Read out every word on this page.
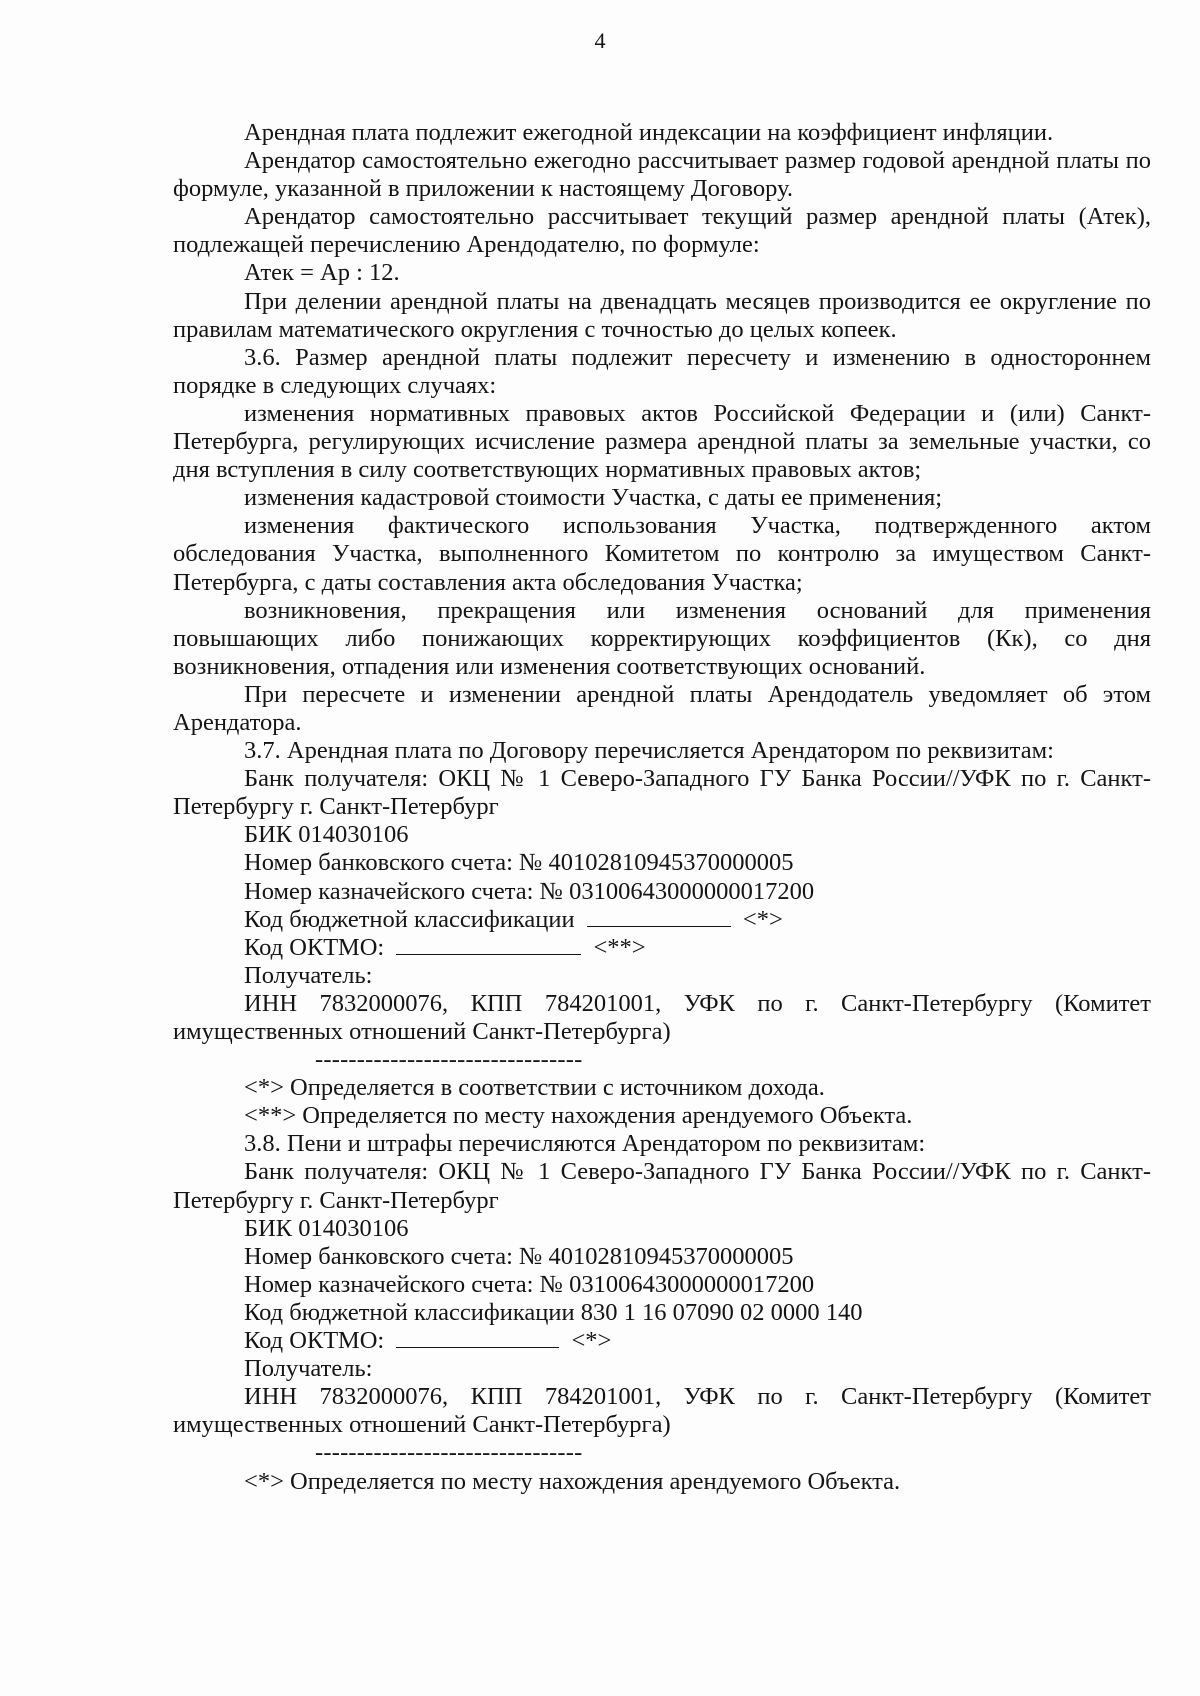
4

Арендная плата подлежит ежегодной индексации на коэффициент инфляции.

Арендатор самостоятельно ежегодно рассчитывает размер годовой арендной платы по формуле, указанной в приложении к настоящему Договору.

Арендатор самостоятельно рассчитывает текущий размер арендной платы (Атек), подлежащей перечислению Арендодателю, по формуле:

Атек = Ар : 12.

При делении арендной платы на двенадцать месяцев производится ее округление по правилам математического округления с точностью до целых копеек.

3.6. Размер арендной платы подлежит пересчету и изменению в одностороннем порядке в следующих случаях:

изменения нормативных правовых актов Российской Федерации и (или) Санкт-Петербурга, регулирующих исчисление размера арендной платы за земельные участки, со дня вступления в силу соответствующих нормативных правовых актов;

изменения кадастровой стоимости Участка, с даты ее применения;

изменения фактического использования Участка, подтвержденного актом обследования Участка, выполненного Комитетом по контролю за имуществом Санкт-Петербурга, с даты составления акта обследования Участка;

возникновения, прекращения или изменения оснований для применения повышающих либо понижающих корректирующих коэффициентов (Кк), со дня возникновения, отпадения или изменения соответствующих оснований.

При пересчете и изменении арендной платы Арендодатель уведомляет об этом Арендатора.

3.7. Арендная плата по Договору перечисляется Арендатором по реквизитам:

Банк получателя: ОКЦ № 1 Северо-Западного ГУ Банка России//УФК по г. Санкт-Петербургу г. Санкт-Петербург

БИК 014030106

Номер банковского счета: № 40102810945370000005

Номер казначейского счета: № 03100643000000017200

Код бюджетной классификации	<*>

Код ОКТМО:	<**>

Получатель:

ИНН 7832000076, КПП 784201001, УФК по г. Санкт-Петербургу (Комитет имущественных отношений Санкт-Петербурга)

--------------------------------

<*> Определяется в соответствии с источником дохода.

<**> Определяется по месту нахождения арендуемого Объекта.

3.8. Пени и штрафы перечисляются Арендатором по реквизитам:

Банк получателя: ОКЦ № 1 Северо-Западного ГУ Банка России//УФК по г. Санкт-Петербургу г. Санкт-Петербург

БИК 014030106

Номер банковского счета: № 40102810945370000005

Номер казначейского счета: № 03100643000000017200

Код бюджетной классификации 830 1 16 07090 02 0000 140

Код ОКТМО:	<*>

Получатель:

ИНН 7832000076, КПП 784201001, УФК по г. Санкт-Петербургу (Комитет имущественных отношений Санкт-Петербурга)

--------------------------------

<*> Определяется по месту нахождения арендуемого Объекта.
